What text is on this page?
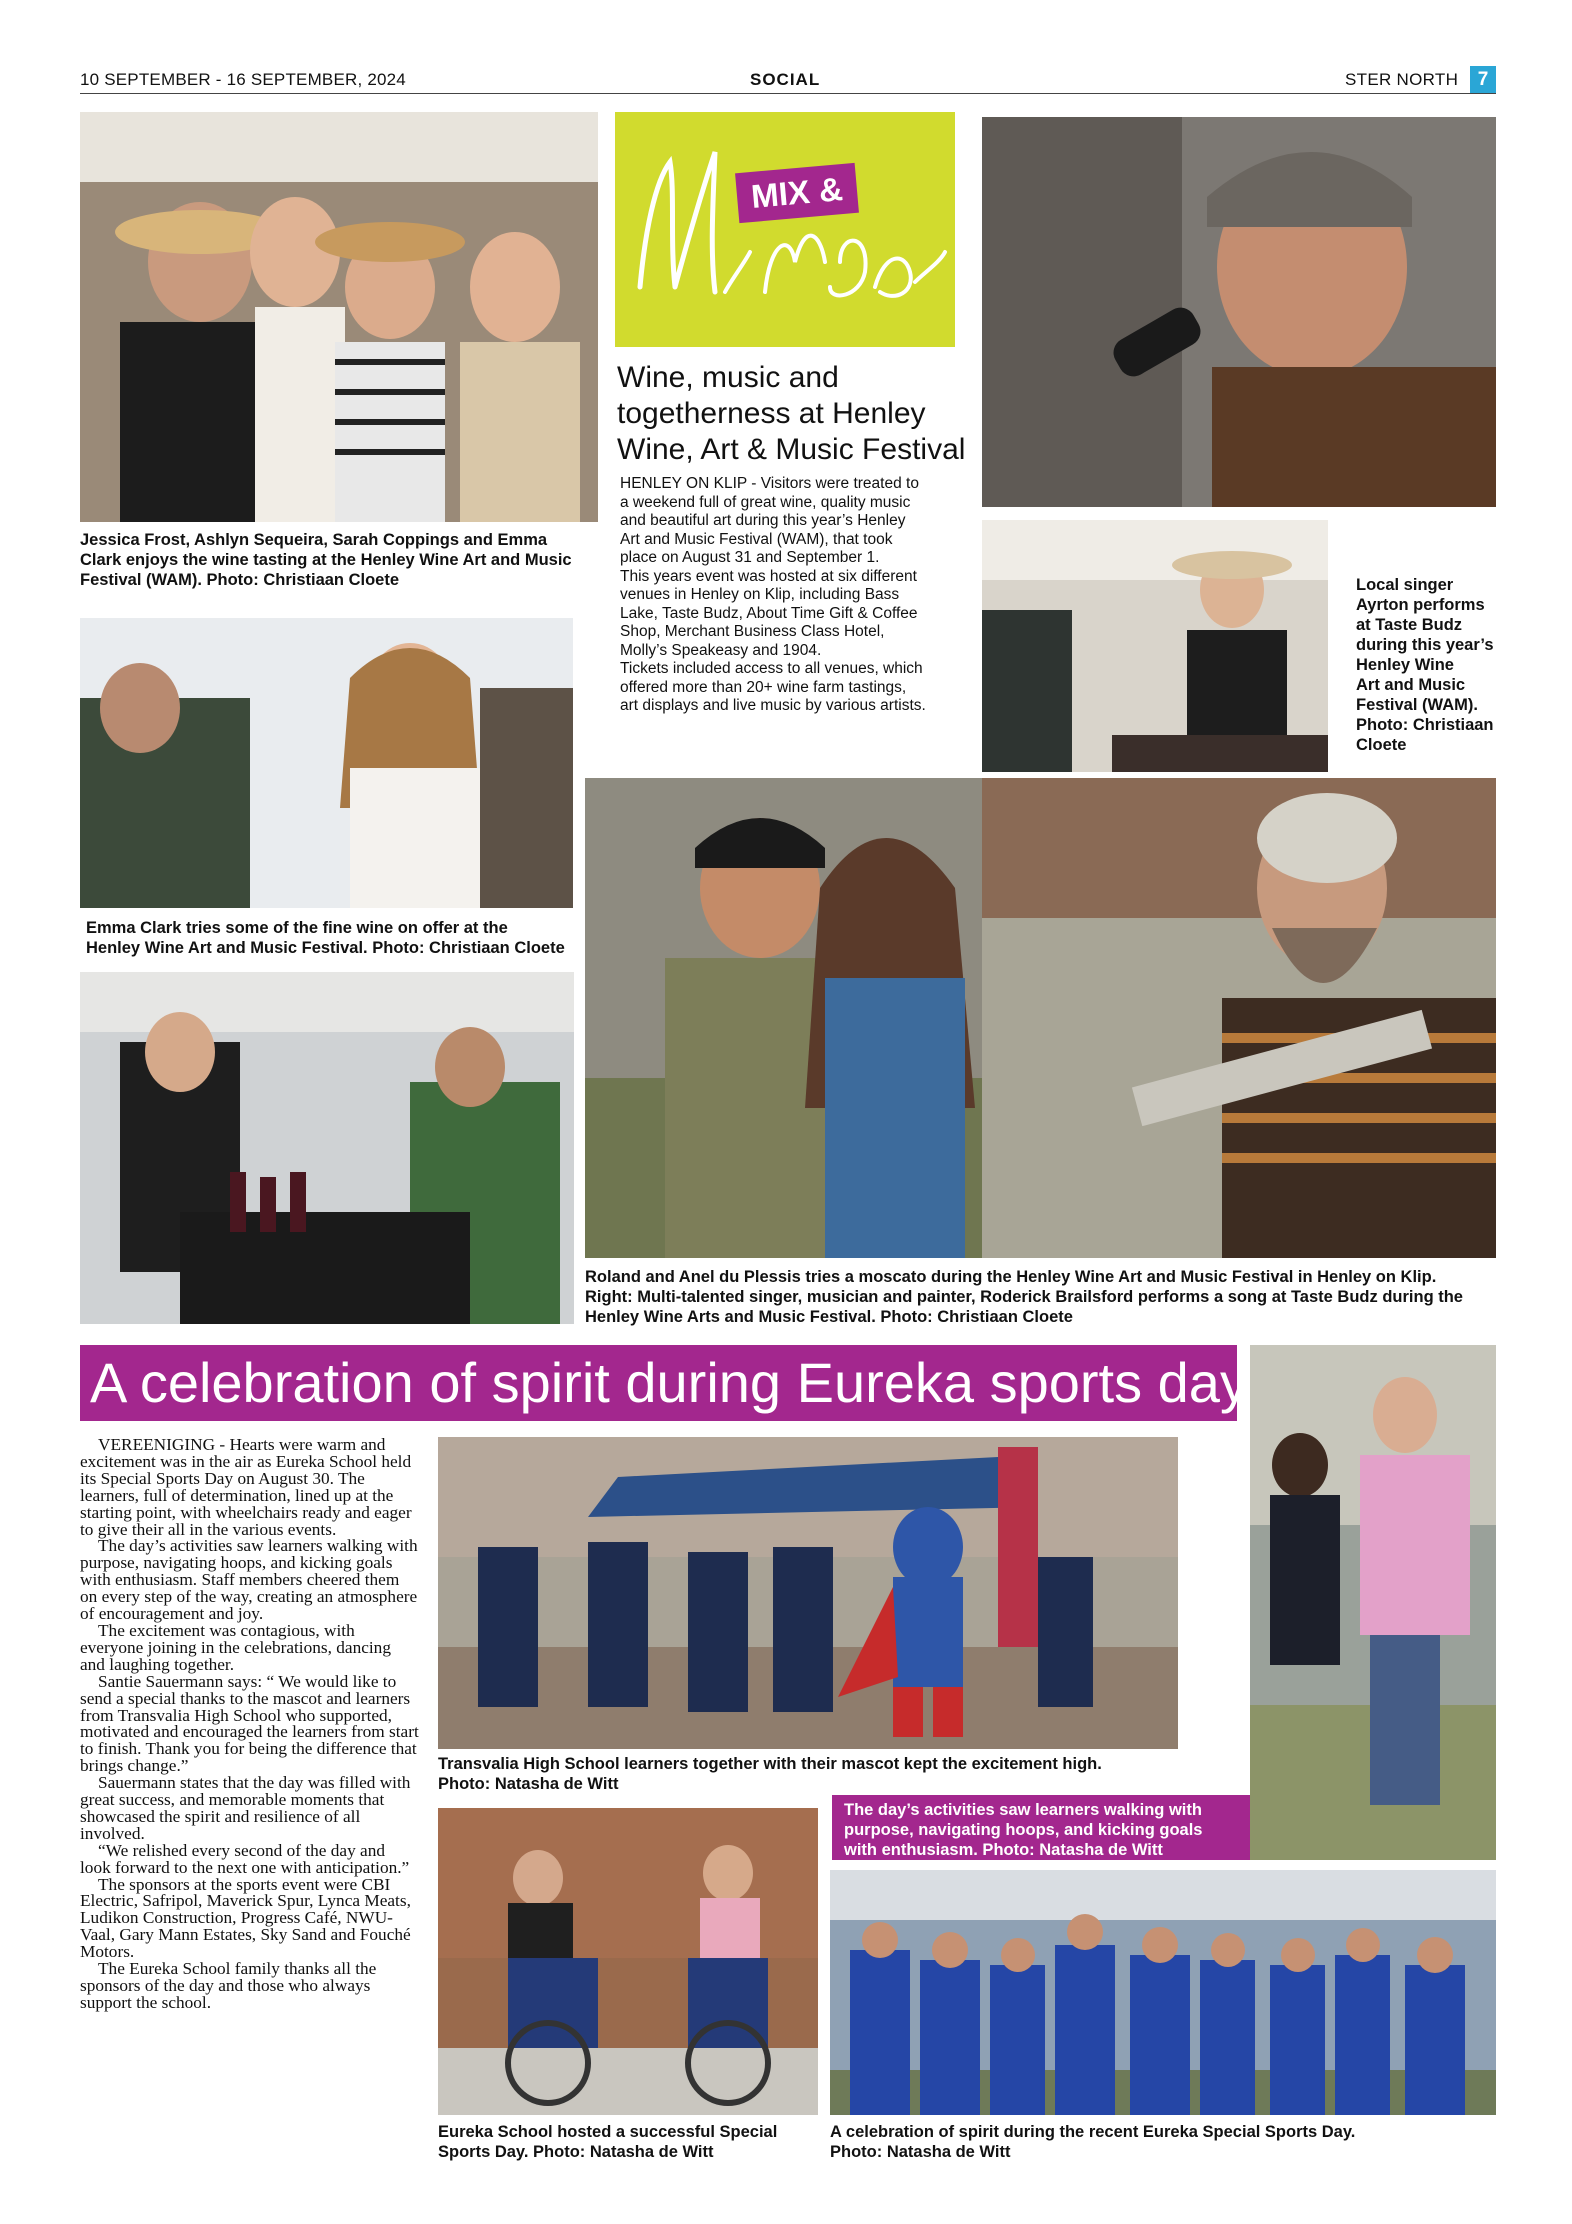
10 SEPTEMBER - 16 SEPTEMBER, 2024	SOCIAL	STER NORTH	7
Jessica Frost, Ashlyn Sequeira, Sarah Coppings and Emma
Clark enjoys the wine tasting at the Henley Wine Art and Music
Festival (WAM). Photo: Christiaan Cloete
MIX &
Wine, music and
togetherness at Henley
Wine, Art & Music Festival
HENLEY ON KLIP - Visitors were treated to
a weekend full of great wine, quality music
and beautiful art during this year’s Henley
Art and Music Festival (WAM), that took
place on August 31 and September 1.
This years event was hosted at six different
venues in Henley on Klip, including Bass
Lake, Taste Budz, About Time Gift & Coffee
Shop, Merchant Business Class Hotel,
Molly’s Speakeasy and 1904.
Tickets included access to all venues, which
offered more than 20+ wine farm tastings,
art displays and live music by various artists.
Emma Clark tries some of the fine wine on offer at the
Henley Wine Art and Music Festival. Photo: Christiaan Cloete
Local singer
Ayrton performs
at Taste Budz
during this year’s
Henley Wine
Art and Music
Festival (WAM).
Photo: Christiaan
Cloete
Roland and Anel du Plessis tries a moscato during the Henley Wine Art and Music Festival in Henley on Klip.
Right: Multi-talented singer, musician and painter, Roderick Brailsford performs a song at Taste Budz during the
Henley Wine Arts and Music Festival. Photo: Christiaan Cloete
A celebration of spirit during Eureka sports day
Transvalia High School learners together with their mascot kept the excitement high.
Photo: Natasha de Witt
The day’s activities saw learners walking with
purpose, navigating hoops, and kicking goals
with enthusiasm. Photo: Natasha de Witt

VEREENIGING - Hearts were warm and excitement was in the air as Eureka School held its Special Sports Day on August 30. The learners, full of determination, lined up at the starting point, with wheelchairs ready and eager to give their all in the various events.

The day’s activities saw learners walking with purpose, navigating hoops, and kicking goals with enthusiasm. Staff members cheered them on every step of the way, creating an atmosphere of encouragement and joy.

The excitement was contagious, with everyone joining in the celebrations, dancing and laughing together.

Santie Sauermann says: “ We would like to send a special thanks to the mascot and learners from Transvalia High School who supported, motivated and encouraged the learners from start to finish. Thank you for being the difference that brings change.”

Sauermann states that the day was filled with great success, and memorable moments that showcased the spirit and resilience of all involved.

“We relished every second of the day and look forward to the next one with anticipation.”

The sponsors at the sports event were CBI Electric, Safripol, Maverick Spur, Lynca Meats, Ludikon Construction, Progress Café, NWU-Vaal, Gary Mann Estates, Sky Sand and Fouché Motors.

The Eureka School family thanks all the sponsors of the day and those who always support the school.

Eureka School hosted a successful Special
Sports Day. Photo: Natasha de Witt
A celebration of spirit during the recent Eureka Special Sports Day.
Photo: Natasha de Witt
